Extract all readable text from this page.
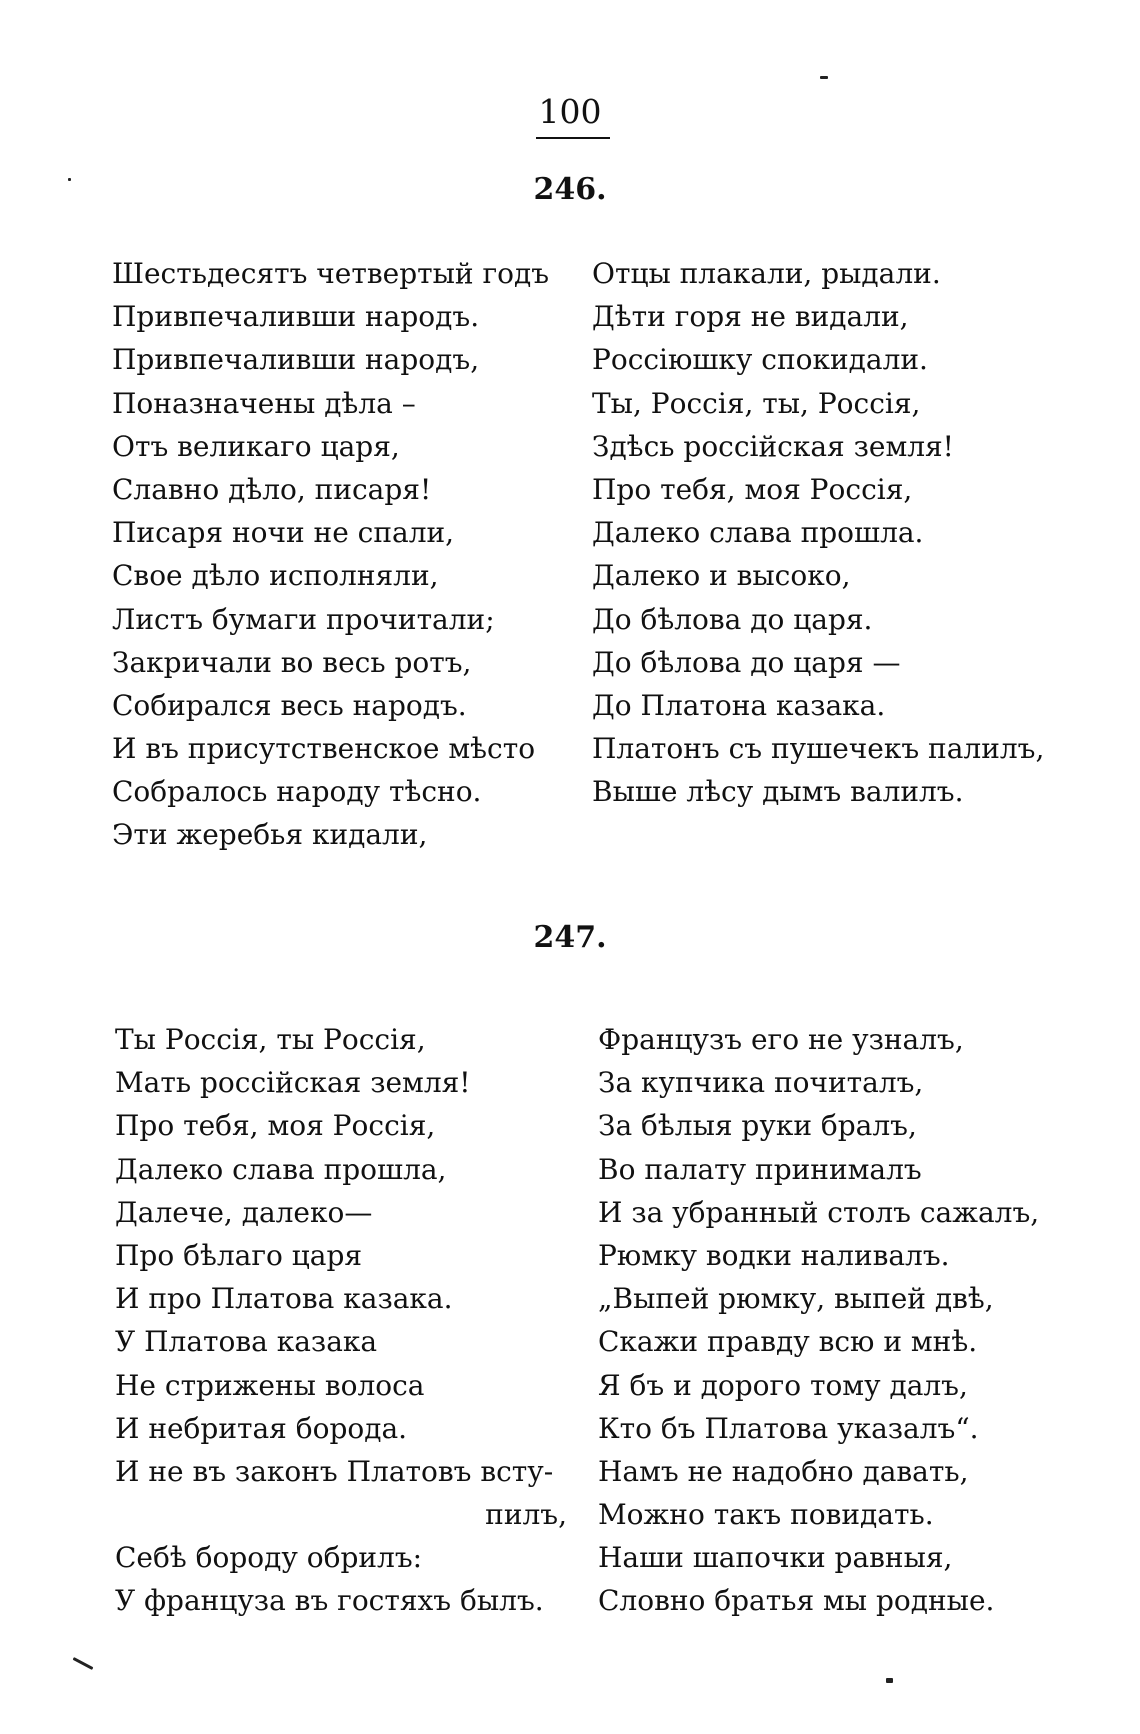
100
246.
Шестьдесятъ четвертый годъ
Привпечаливши народъ.
Привпечаливши народъ,
Поназначены дѣла –
Отъ великаго царя,
Славно дѣло, писаря!
Писаря ночи не спали,
Свое дѣло исполняли,
Листъ бумаги прочитали;
Закричали во весь ротъ,
Собирался весь народъ.
И въ присутственское мѣсто
Собралось народу тѣсно.
Эти жеребья кидали,
Отцы плакали, рыдали.
Дѣти горя не видали,
Россіюшку спокидали.
Ты, Россія, ты, Россія,
Здѣсь россійская земля!
Про тебя, моя Россія,
Далеко слава прошла.
Далеко и высоко,
До бѣлова до царя.
До бѣлова до царя —
До Платона казака.
Платонъ съ пушечекъ палилъ,
Выше лѣсу дымъ валилъ.
247.
Ты Россія, ты Россія,
Мать россійская земля!
Про тебя, моя Россія,
Далеко слава прошла,
Далече, далеко—
Про бѣлаго царя
И про Платова казака.
У Платова казака
Не стрижены волоса
И небритая борода.
И не въ законъ Платовъ всту-
пилъ,
Себѣ бороду обрилъ:
У француза въ гостяхъ былъ.
Французъ его не узналъ,
За купчика почиталъ,
За бѣлыя руки бралъ,
Во палату принималъ
И за убранный столъ сажалъ,
Рюмку водки наливалъ.
„Выпей рюмку, выпей двѣ,
Скажи правду всю и мнѣ.
Я бъ и дорого тому далъ,
Кто бъ Платова указалъ“.
Намъ не надобно давать,
Можно такъ повидать.
Наши шапочки равныя,
Словно братья мы родные.
